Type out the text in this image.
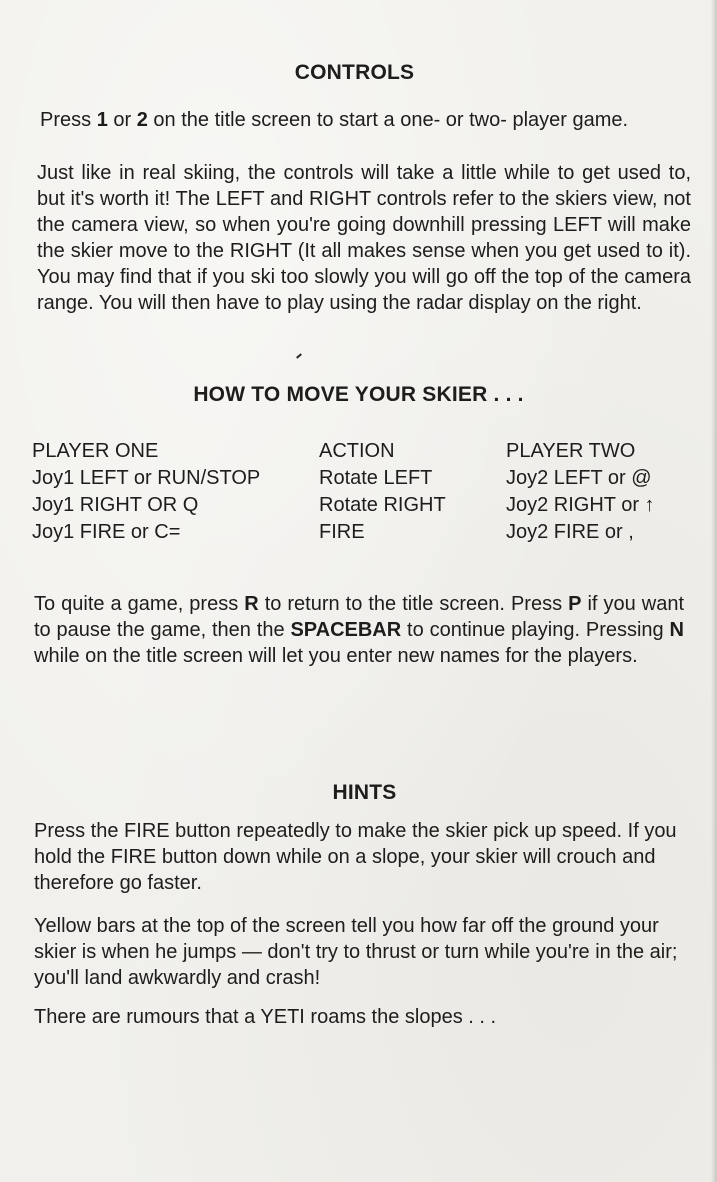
CONTROLS

Press 1 or 2 on the title screen to start a one- or two- player game.

Just like in real skiing, the controls will take a little while to get used to, but it's worth it! The LEFT and RIGHT controls refer to the skiers view, not the camera view, so when you're going downhill pressing LEFT will make the skier move to the RIGHT (It all makes sense when you get used to it). You may find that if you ski too slowly you will go off the top of the camera range. You will then have to play using the radar display on the right.

HOW TO MOVE YOUR SKIER . . .
PLAYER ONE
Joy1 LEFT or RUN/STOP
Joy1 RIGHT OR Q
Joy1 FIRE or C=
ACTION
Rotate LEFT
Rotate RIGHT
FIRE
PLAYER TWO
Joy2 LEFT or @
Joy2 RIGHT or ↑
Joy2 FIRE or ,

To quite a game, press R to return to the title screen. Press P if you want to pause the game, then the SPACEBAR to continue playing. Pressing N while on the title screen will let you enter new names for the players.

HINTS

Press the FIRE button repeatedly to make the skier pick up speed. If you hold the FIRE button down while on a slope, your skier will crouch and therefore go faster.

Yellow bars at the top of the screen tell you how far off the ground your skier is when he jumps — don't try to thrust or turn while you're in the air; you'll land awkwardly and crash!

There are rumours that a YETI roams the slopes . . .
